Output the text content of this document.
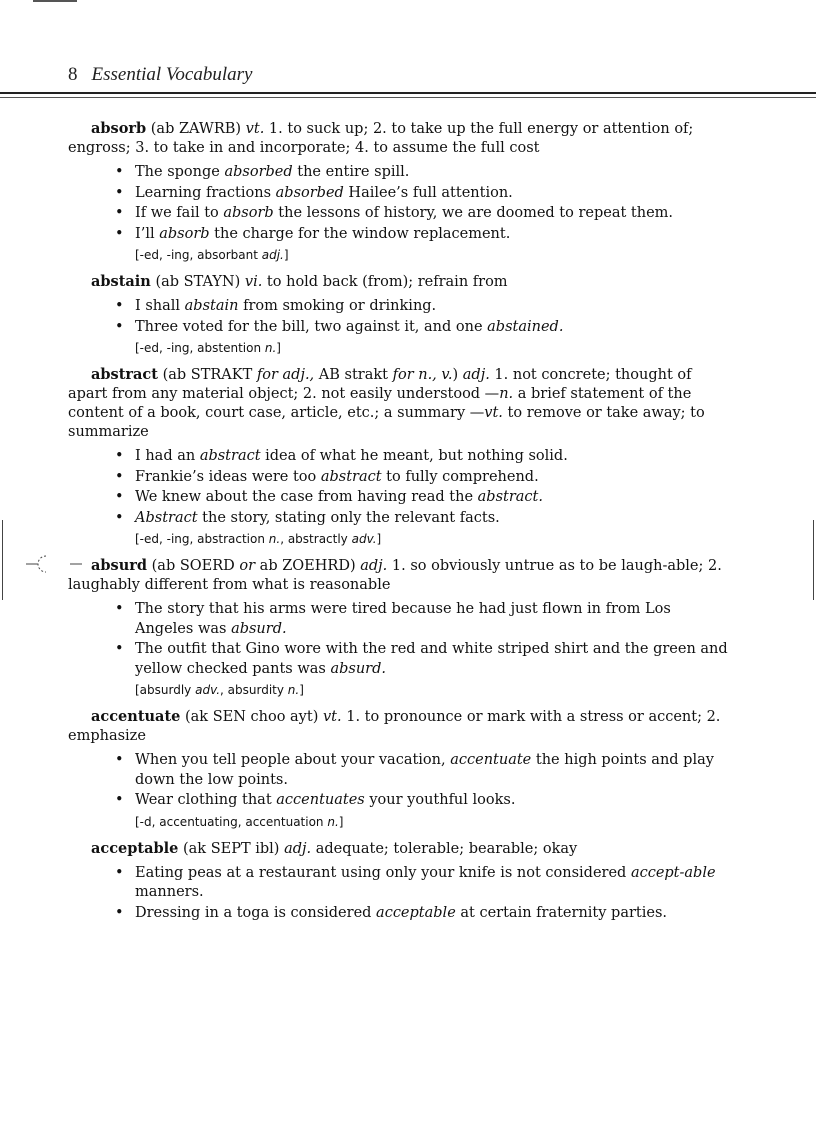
8 Essential Vocabulary

absorb (ab ZAWRB) vt. 1. to suck up; 2. to take up the full energy or attention of; engross; 3. to take in and incorporate; 4. to assume the full cost

• The sponge absorbed the entire spill.
• Learning fractions absorbed Hailee’s full attention.
• If we fail to absorb the lessons of history, we are doomed to repeat them.
• I’ll absorb the charge for the window replacement.
[-ed, -ing, absorbant adj.]

abstain (ab STAYN) vi. to hold back (from); refrain from

• I shall abstain from smoking or drinking.
• Three voted for the bill, two against it, and one abstained.
[-ed, -ing, abstention n.]

abstract (ab STRAKT for adj., AB strakt for n., v.) adj. 1. not concrete; thought of apart from any material object; 2. not easily understood —n. a brief statement of the content of a book, court case, article, etc.; a summary —vt. to remove or take away; to summarize

• I had an abstract idea of what he meant, but nothing solid.
• Frankie’s ideas were too abstract to fully comprehend.
• We knew about the case from having read the abstract.
• Abstract the story, stating only the relevant facts.
[-ed, -ing, abstraction n., abstractly adv.]

absurd (ab SOERD or ab ZOEHRD) adj. 1. so obviously untrue as to be laugh-able; 2. laughably different from what is reasonable

• The story that his arms were tired because he had just flown in from Los Angeles was absurd.
• The outfit that Gino wore with the red and white striped shirt and the green and yellow checked pants was absurd.
[absurdly adv., absurdity n.]

accentuate (ak SEN choo ayt) vt. 1. to pronounce or mark with a stress or accent; 2. emphasize

• When you tell people about your vacation, accentuate the high points and play down the low points.
• Wear clothing that accentuates your youthful looks.
[-d, accentuating, accentuation n.]

acceptable (ak SEPT ibl) adj. adequate; tolerable; bearable; okay

• Eating peas at a restaurant using only your knife is not considered accept-able manners.
• Dressing in a toga is considered acceptable at certain fraternity parties.
